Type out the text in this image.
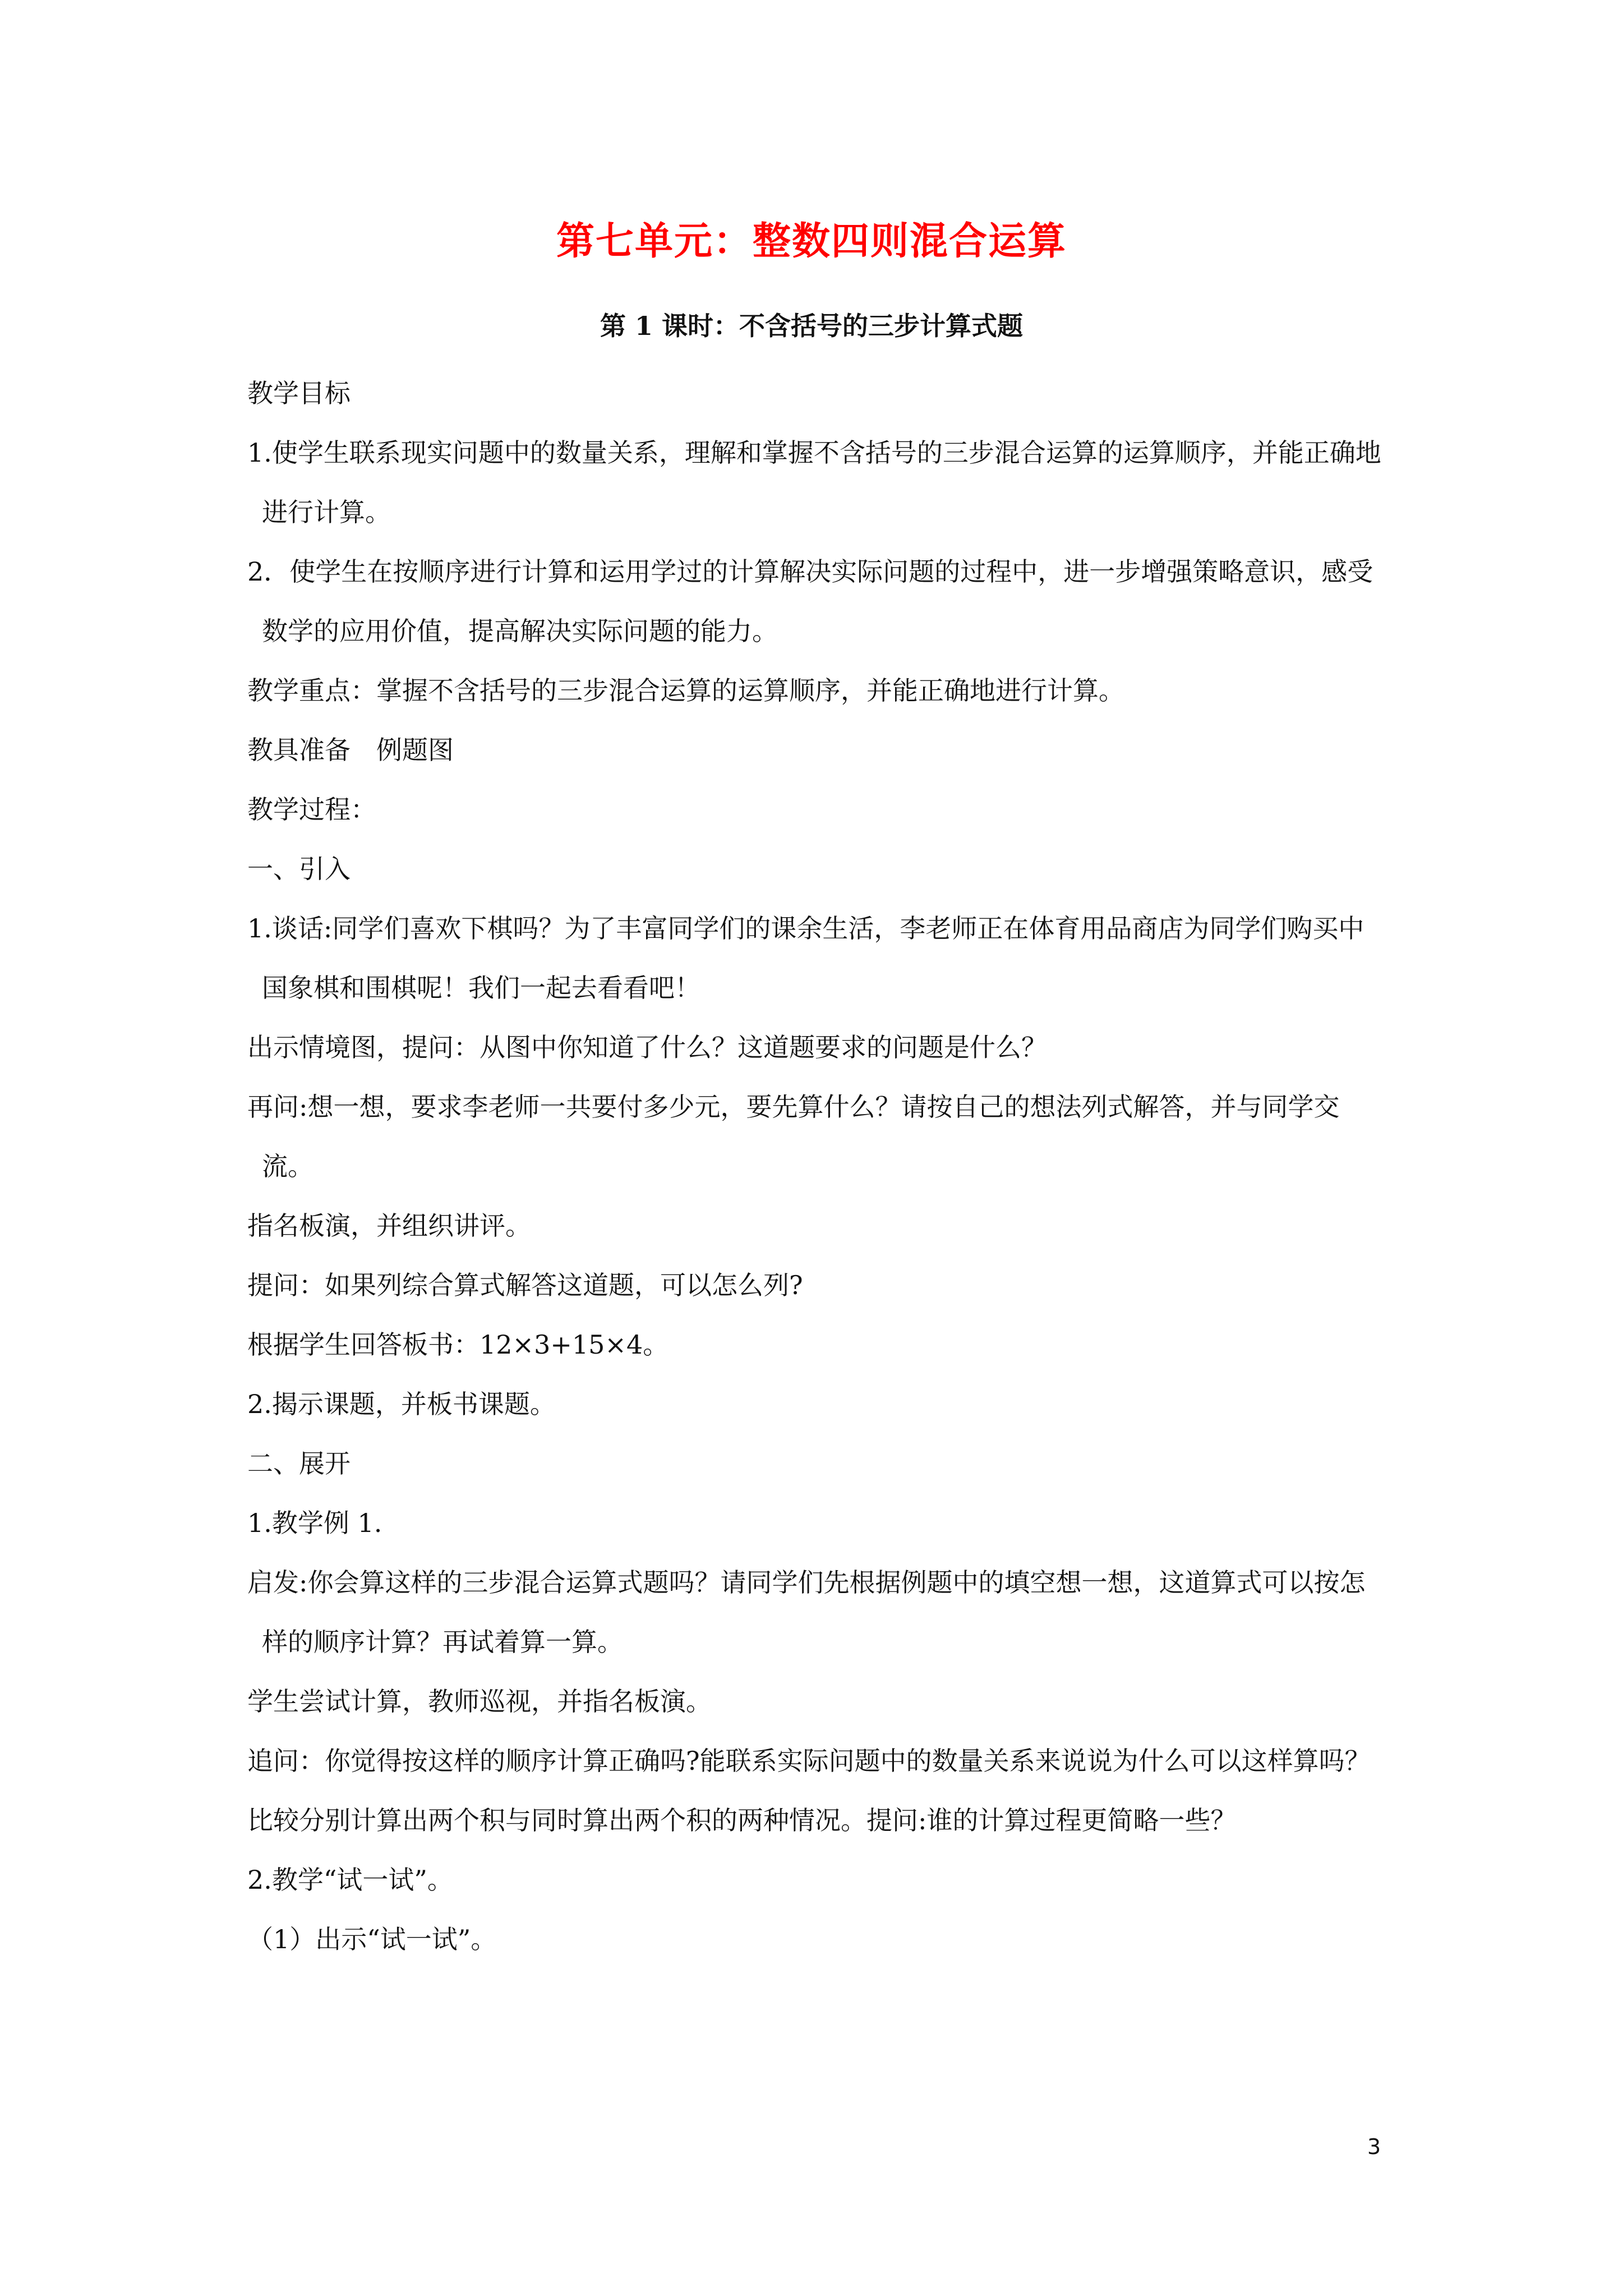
第七单元：整数四则混合运算
第 1 课时：不含括号的三步计算式题

教学目标

1.使学生联系现实问题中的数量关系，理解和掌握不含括号的三步混合运算的运算顺序，并能正确地进行计算。

2．使学生在按顺序进行计算和运用学过的计算解决实际问题的过程中，进一步增强策略意识，感受数学的应用价值，提高解决实际问题的能力。

教学重点：掌握不含括号的三步混合运算的运算顺序，并能正确地进行计算。

教具准备　例题图

教学过程：

一、引入

1.谈话:同学们喜欢下棋吗？为了丰富同学们的课余生活，李老师正在体育用品商店为同学们购买中国象棋和围棋呢！我们一起去看看吧！

出示情境图，提问：从图中你知道了什么？这道题要求的问题是什么？

再问:想一想，要求李老师一共要付多少元，要先算什么？请按自己的想法列式解答，并与同学交流。

指名板演，并组织讲评。

提问：如果列综合算式解答这道题，可以怎么列?

根据学生回答板书：12×3+15×4。

2.揭示课题，并板书课题。

二、展开

1.教学例 1.

启发:你会算这样的三步混合运算式题吗？请同学们先根据例题中的填空想一想，这道算式可以按怎样的顺序计算？再试着算一算。

学生尝试计算，教师巡视，并指名板演。

追问：你觉得按这样的顺序计算正确吗?能联系实际问题中的数量关系来说说为什么可以这样算吗？

比较分别计算出两个积与同时算出两个积的两种情况。提问:谁的计算过程更简略一些？

2.教学“试一试”。

（1）出示“试一试”。

3
